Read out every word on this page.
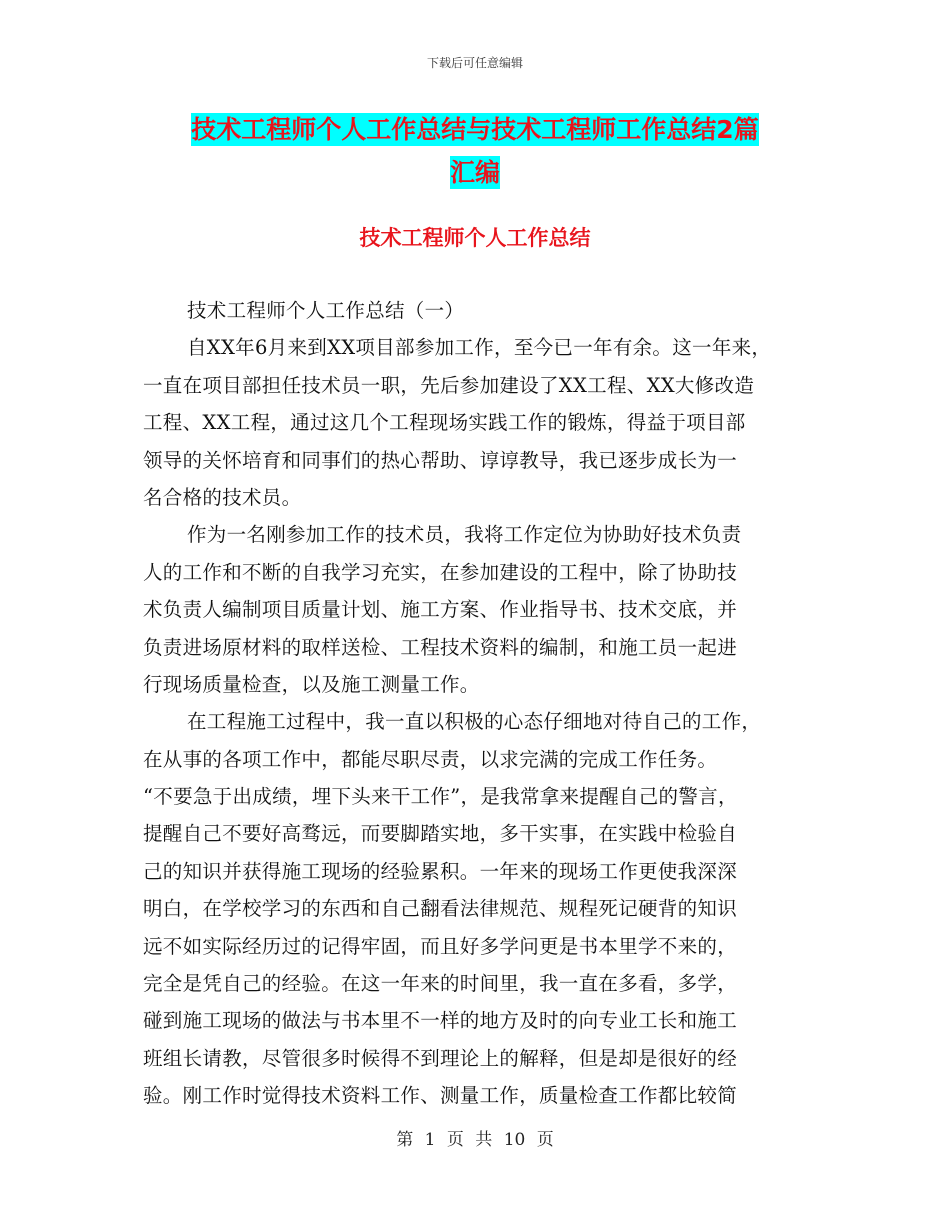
下载后可任意编辑
技术工程师个人工作总结与技术工程师工作总结2篇
汇编
技术工程师个人工作总结
技术工程师个人工作总结（一）
自XX年6月来到XX项目部参加工作，至今已一年有余。这一年来，
一直在项目部担任技术员一职，先后参加建设了XX工程、XX大修改造
工程、XX工程，通过这几个工程现场实践工作的锻炼，得益于项目部
领导的关怀培育和同事们的热心帮助、谆谆教导，我已逐步成长为一
名合格的技术员。
作为一名刚参加工作的技术员，我将工作定位为协助好技术负责
人的工作和不断的自我学习充实，在参加建设的工程中，除了协助技
术负责人编制项目质量计划、施工方案、作业指导书、技术交底，并
负责进场原材料的取样送检、工程技术资料的编制，和施工员一起进
行现场质量检查，以及施工测量工作。
在工程施工过程中，我一直以积极的心态仔细地对待自己的工作，
在从事的各项工作中，都能尽职尽责，以求完满的完成工作任务。
“不要急于出成绩，埋下头来干工作”，是我常拿来提醒自己的警言，
提醒自己不要好高骛远，而要脚踏实地，多干实事，在实践中检验自
己的知识并获得施工现场的经验累积。一年来的现场工作更使我深深
明白，在学校学习的东西和自己翻看法律规范、规程死记硬背的知识
远不如实际经历过的记得牢固，而且好多学问更是书本里学不来的，
完全是凭自己的经验。在这一年来的时间里，我一直在多看，多学，
碰到施工现场的做法与书本里不一样的地方及时的向专业工长和施工
班组长请教，尽管很多时候得不到理论上的解释，但是却是很好的经
验。刚工作时觉得技术资料工作、测量工作，质量检查工作都比较简
第 1 页 共 10 页
